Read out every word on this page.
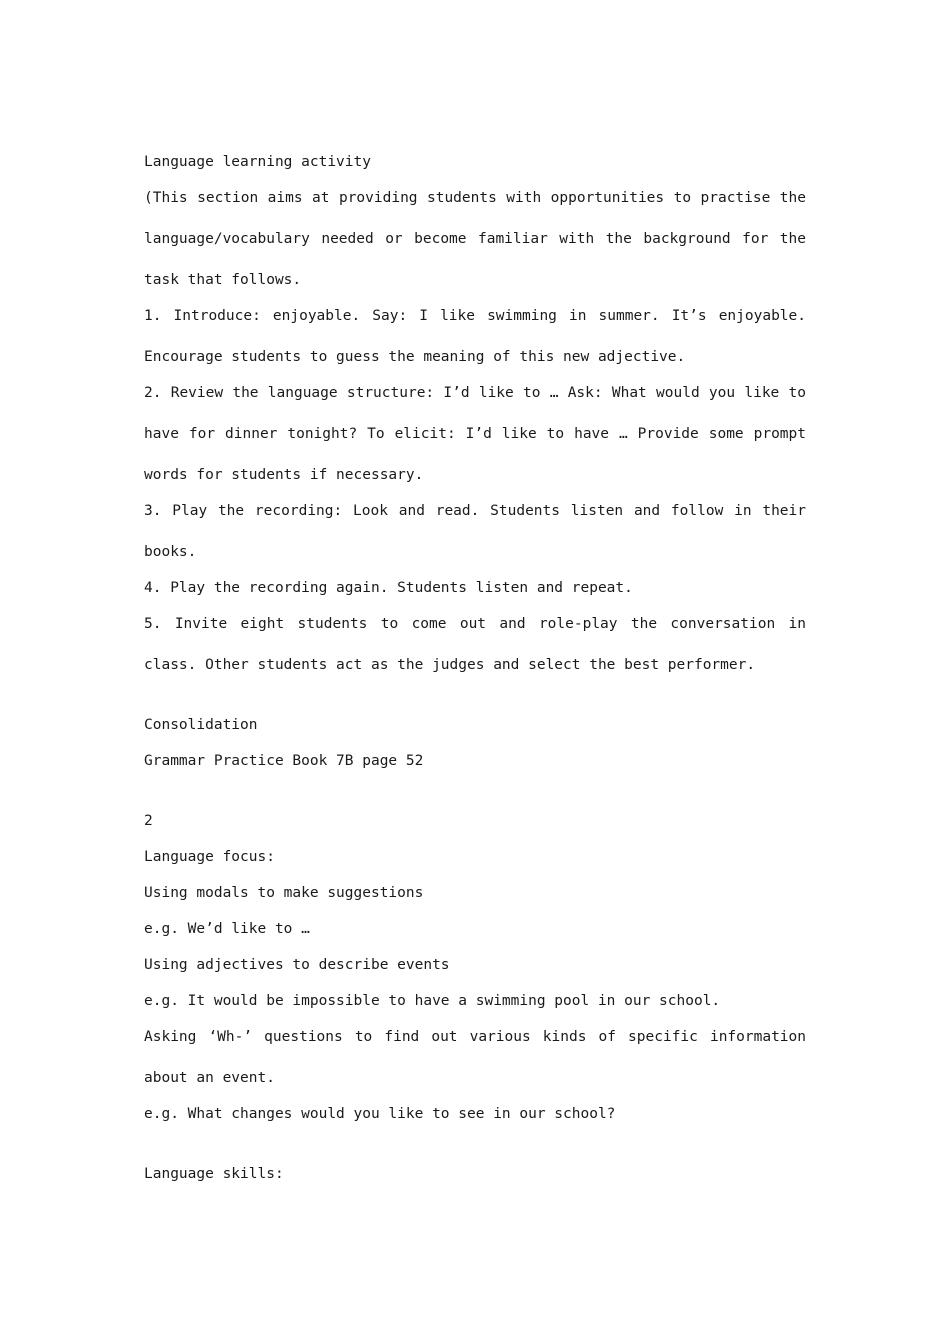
Language learning activity
(This section aims at providing students with opportunities to practise the language/vocabulary needed or become familiar with the background for the task that follows.
1. Introduce: enjoyable. Say: I like swimming in summer. It’s enjoyable. Encourage students to guess the meaning of this new adjective.
2. Review the language structure: I’d like to … Ask: What would you like to have for dinner tonight? To elicit: I’d like to have … Provide some prompt words for students if necessary.
3. Play the recording: Look and read. Students listen and follow in their books.
4. Play the recording again. Students listen and repeat.
5. Invite eight students to come out and role-play the conversation in class. Other students act as the judges and select the best performer.
Consolidation
Grammar Practice Book 7B page 52
2
Language focus:
Using modals to make suggestions
e.g. We’d like to …
Using adjectives to describe events
e.g. It would be impossible to have a swimming pool in our school.
Asking ‘Wh-’ questions to find out various kinds of specific information about an event.
e.g. What changes would you like to see in our school?
Language skills:
